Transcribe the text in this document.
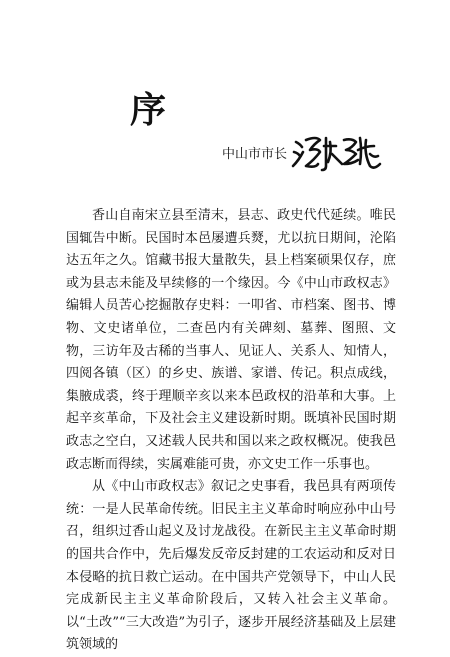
序
中山市市长

香山自南宋立县至清末，县志、政史代代延续。唯民国辄告中断。民国时本邑屡遭兵燹，尤以抗日期间，沦陷达五年之久。馆藏书报大量散失，县上档案硕果仅存，庶或为县志未能及早续修的一个缘因。今《中山市政权志》编辑人员苦心挖掘散存史料：一叩省、市档案、图书、博物、文史诸单位，二查邑内有关碑刻、墓葬、图照、文物，三访年及古稀的当事人、见证人、关系人、知情人，四阅各镇（区）的乡史、族谱、家谱、传记。积点成线，集腋成裘，终于理顺辛亥以来本邑政权的沿革和大事。上起辛亥革命，下及社会主义建设新时期。既填补民国时期政志之空白，又述载人民共和国以来之政权概况。使我邑政志断而得续，实属难能可贵，亦文史工作一乐事也。

从《中山市政权志》叙记之史事看，我邑具有两项传统：一是人民革命传统。旧民主主义革命时响应孙中山号召，组织过香山起义及讨龙战役。在新民主主义革命时期的国共合作中，先后爆发反帝反封建的工农运动和反对日本侵略的抗日救亡运动。在中国共产党领导下，中山人民完成新民主主义革命阶段后，又转入社会主义革命。以“土改”“三大改造”为引子，逐步开展经济基础及上层建筑领域的
